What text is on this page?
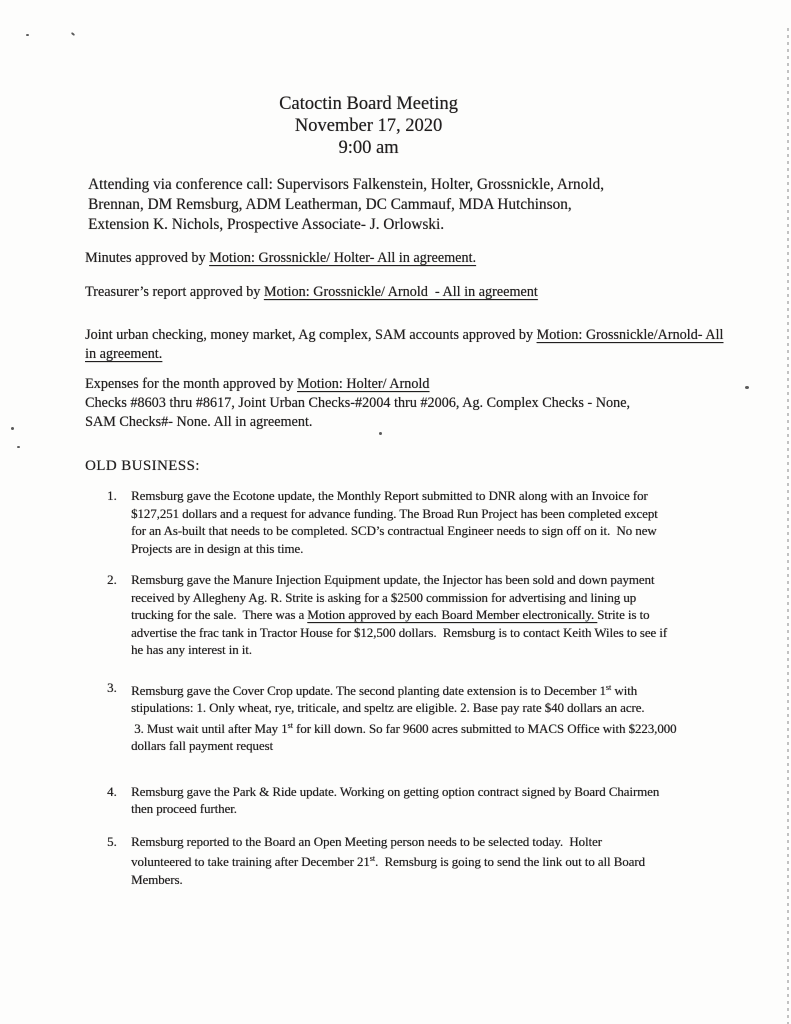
Catoctin Board Meeting
November 17, 2020
9:00 am

Attending via conference call: Supervisors Falkenstein, Holter, Grossnickle, Arnold,
Brennan, DM Remsburg, ADM Leatherman, DC Cammauf, MDA Hutchinson,
Extension K. Nichols, Prospective Associate- J. Orlowski.

Minutes approved by Motion: Grossnickle/ Holter- All in agreement.

Treasurer’s report approved by Motion: Grossnickle/ Arnold  - All in agreement

Joint urban checking, money market, Ag complex, SAM accounts approved by Motion: Grossnickle/Arnold- All
in agreement.

Expenses for the month approved by Motion: Holter/ Arnold
Checks #8603 thru #8617, Joint Urban Checks-#2004 thru #2006, Ag. Complex Checks - None,
SAM Checks#- None. All in agreement.

OLD BUSINESS:
1.	Remsburg gave the Ecotone update, the Monthly Report submitted to DNR along with an Invoice for
$127,251 dollars and a request for advance funding. The Broad Run Project has been completed except
for an As-built that needs to be completed. SCD’s contractual Engineer needs to sign off on it.  No new
Projects are in design at this time.
2.	Remsburg gave the Manure Injection Equipment update, the Injector has been sold and down payment
received by Allegheny Ag. R. Strite is asking for a $2500 commission for advertising and lining up
trucking for the sale.  There was a Motion approved by each Board Member electronically. Strite is to
advertise the frac tank in Tractor House for $12,500 dollars.  Remsburg is to contact Keith Wiles to see if
he has any interest in it.
3.	Remsburg gave the Cover Crop update. The second planting date extension is to December 1st with
stipulations: 1. Only wheat, rye, triticale, and speltz are eligible. 2. Base pay rate $40 dollars an acre.
3. Must wait until after May 1st for kill down. So far 9600 acres submitted to MACS Office with $223,000
dollars fall payment request
4.	Remsburg gave the Park & Ride update. Working on getting option contract signed by Board Chairmen
then proceed further.
5.	Remsburg reported to the Board an Open Meeting person needs to be selected today.  Holter
volunteered to take training after December 21st.  Remsburg is going to send the link out to all Board
Members.
